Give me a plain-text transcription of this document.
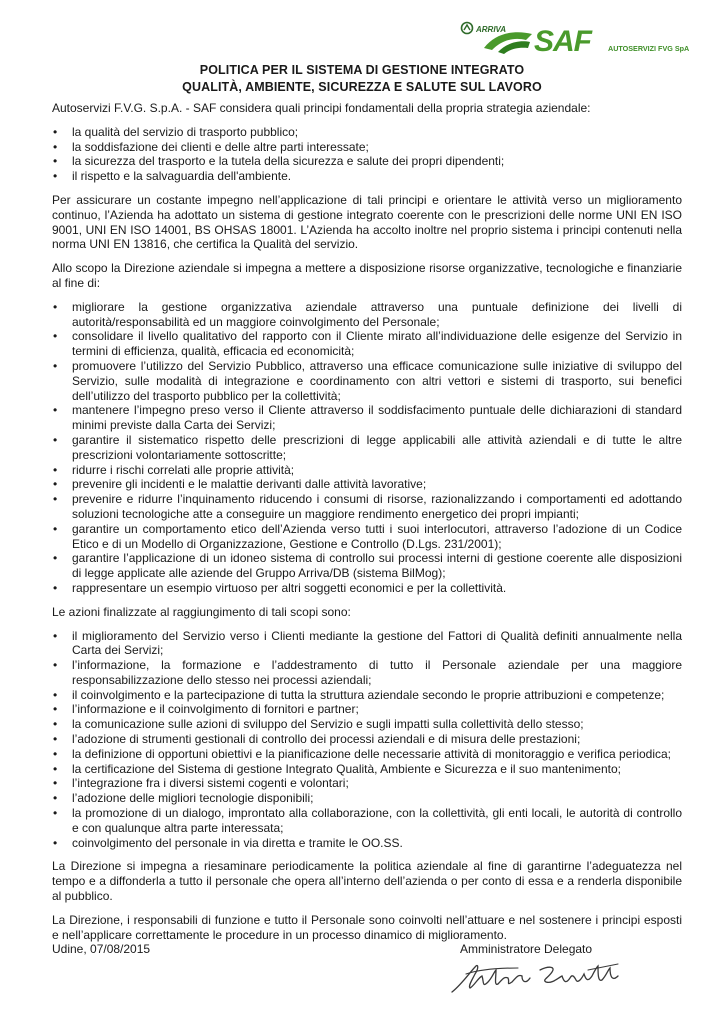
ARRIVA SAF AUTOSERVIZI FVG SpA
POLITICA PER IL SISTEMA DI GESTIONE INTEGRATO
QUALITÀ, AMBIENTE, SICUREZZA E SALUTE SUL LAVORO

Autoservizi F.V.G. S.p.A. - SAF considera quali principi fondamentali della propria strategia aziendale:

• la qualità del servizio di trasporto pubblico;
• la soddisfazione dei clienti e delle altre parti interessate;
• la sicurezza del trasporto e la tutela della sicurezza e salute dei propri dipendenti;
• il rispetto e la salvaguardia dell'ambiente.

Per assicurare un costante impegno nell’applicazione di tali principi e orientare le attività verso un miglioramento continuo, l’Azienda ha adottato un sistema di gestione integrato coerente con le prescrizioni delle norme UNI EN ISO 9001, UNI EN ISO 14001, BS OHSAS 18001. L’Azienda ha accolto inoltre nel proprio sistema i principi contenuti nella norma UNI EN 13816, che certifica la Qualità del servizio.

Allo scopo la Direzione aziendale si impegna a mettere a disposizione risorse organizzative, tecnologiche e finanziarie al fine di:

• migliorare la gestione organizzativa aziendale attraverso una puntuale definizione dei livelli di autorità/responsabilità ed un maggiore coinvolgimento del Personale;
• consolidare il livello qualitativo del rapporto con il Cliente mirato all’individuazione delle esigenze del Servizio in termini di efficienza, qualità, efficacia ed economicità;
• promuovere l’utilizzo del Servizio Pubblico, attraverso una efficace comunicazione sulle iniziative di sviluppo del Servizio, sulle modalità di integrazione e coordinamento con altri vettori e sistemi di trasporto, sui benefici dell’utilizzo del trasporto pubblico per la collettività;
• mantenere l’impegno preso verso il Cliente attraverso il soddisfacimento puntuale delle dichiarazioni di standard minimi previste dalla Carta dei Servizi;
• garantire il sistematico rispetto delle prescrizioni di legge applicabili alle attività aziendali e di tutte le altre prescrizioni volontariamente sottoscritte;
• ridurre i rischi correlati alle proprie attività;
• prevenire gli incidenti e le malattie derivanti dalle attività lavorative;
• prevenire e ridurre l’inquinamento riducendo i consumi di risorse, razionalizzando i comportamenti ed adottando soluzioni tecnologiche atte a conseguire un maggiore rendimento energetico dei propri impianti;
• garantire un comportamento etico dell’Azienda verso tutti i suoi interlocutori, attraverso l’adozione di un Codice Etico e di un Modello di Organizzazione, Gestione e Controllo (D.Lgs. 231/2001);
• garantire l’applicazione di un idoneo sistema di controllo sui processi interni di gestione coerente alle disposizioni di legge applicate alle aziende del Gruppo Arriva/DB (sistema BilMog);
• rappresentare un esempio virtuoso per altri soggetti economici e per la collettività.

Le azioni finalizzate al raggiungimento di tali scopi sono:

• il miglioramento del Servizio verso i Clienti mediante la gestione del Fattori di Qualità definiti annualmente nella Carta dei Servizi;
• l’informazione, la formazione e l’addestramento di tutto il Personale aziendale per una maggiore responsabilizzazione dello stesso nei processi aziendali;
• il coinvolgimento e la partecipazione di tutta la struttura aziendale secondo le proprie attribuzioni e competenze;
• l’informazione e il coinvolgimento di fornitori e partner;
• la comunicazione sulle azioni di sviluppo del Servizio e sugli impatti sulla collettività dello stesso;
• l’adozione di strumenti gestionali di controllo dei processi aziendali e di misura delle prestazioni;
• la definizione di opportuni obiettivi e la pianificazione delle necessarie attività di monitoraggio e verifica periodica;
• la certificazione del Sistema di gestione Integrato Qualità, Ambiente e Sicurezza e il suo mantenimento;
• l’integrazione fra i diversi sistemi cogenti e volontari;
• l’adozione delle migliori tecnologie disponibili;
• la promozione di un dialogo, improntato alla collaborazione, con la collettività, gli enti locali, le autorità di controllo e con qualunque altra parte interessata;
• coinvolgimento del personale in via diretta e tramite le OO.SS.

La Direzione si impegna a riesaminare periodicamente la politica aziendale al fine di garantirne l’adeguatezza nel tempo e a diffonderla a tutto il personale che opera all’interno dell’azienda o per conto di essa e a renderla disponibile al pubblico.

La Direzione, i responsabili di funzione e tutto il Personale sono coinvolti nell’attuare e nel sostenere i principi esposti e nell’applicare correttamente le procedure in un processo dinamico di miglioramento.

Udine, 07/08/2015	Amministratore Delegato
